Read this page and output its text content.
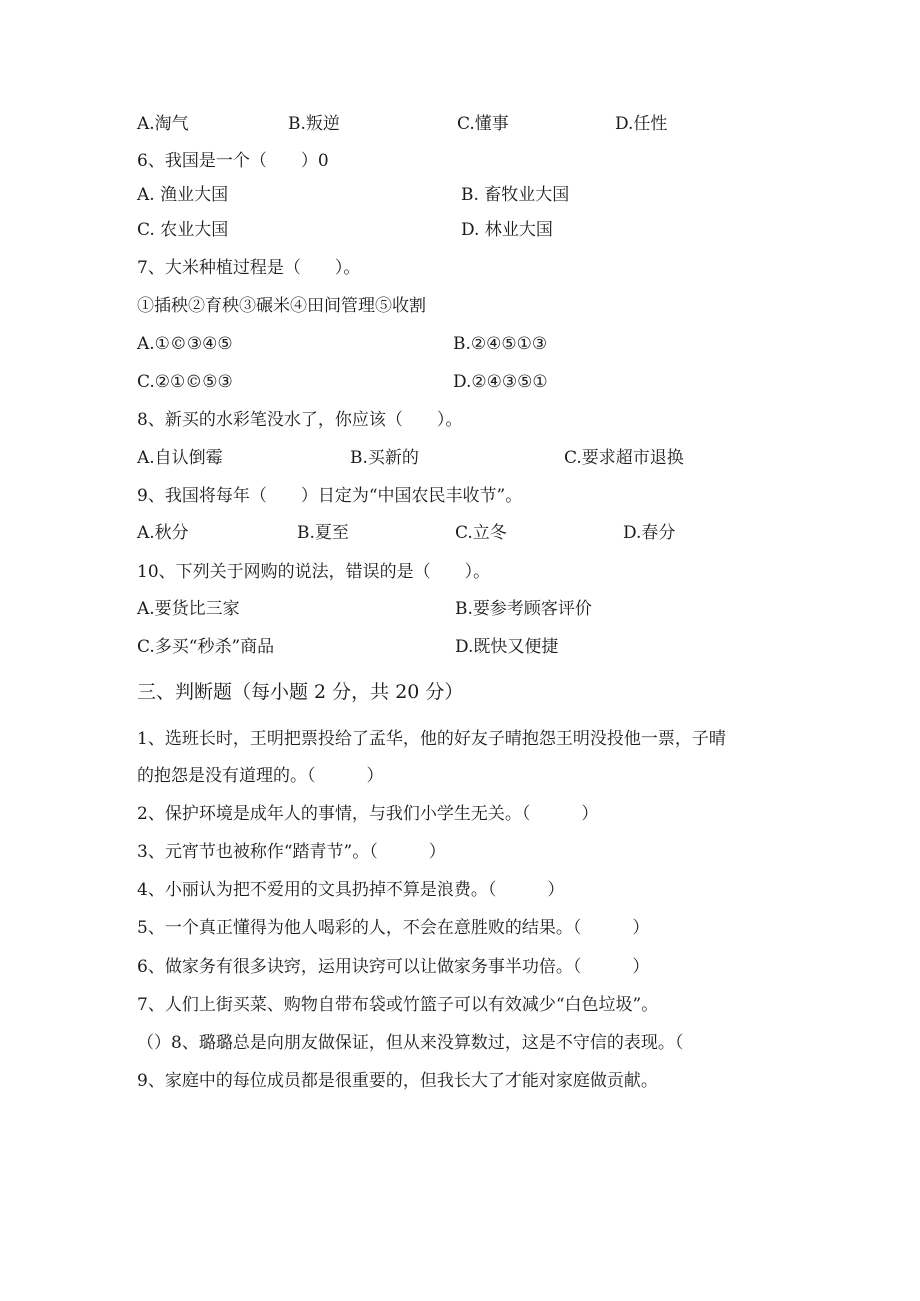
A.淘气	B.叛逆	C.懂事	D.任性
6、我国是一个（　　）0
A. 渔业大国	B. 畜牧业大国
C. 农业大国	D. 林业大国
7、大米种植过程是（　　）。
①插秧②育秧③碾米④田间管理⑤收割
A.①©③④⑤	B.②④⑤①③
C.②①©⑤③	D.②④③⑤①
8、新买的水彩笔没水了，你应该（　　）。
A.自认倒霉	B.买新的	C.要求超市退换
9、我国将每年（　　）日定为“中国农民丰收节”。
A.秋分	B.夏至	C.立冬	D.春分
10、下列关于网购的说法，错误的是（　　）。
A.要货比三家	B.要参考顾客评价
C.多买“秒杀”商品	D.既快又便捷
三、判断题（每小题 2 分，共 20 分）
1、选班长时，王明把票投给了孟华，他的好友子晴抱怨王明没投他一票，子晴
的抱怨是没有道理的。（　　　）
2、保护环境是成年人的事情，与我们小学生无关。（　　　）
3、元宵节也被称作“踏青节”。（　　　）
4、小丽认为把不爱用的文具扔掉不算是浪费。（　　　）
5、一个真正懂得为他人喝彩的人，不会在意胜败的结果。（　　　）
6、做家务有很多诀窍，运用诀窍可以让做家务事半功倍。（　　　）
7、人们上街买菜、购物自带布袋或竹篮子可以有效减少“白色垃圾”。
（）8、璐璐总是向朋友做保证，但从来没算数过，这是不守信的表现。（
9、家庭中的每位成员都是很重要的，但我长大了才能对家庭做贡献。
